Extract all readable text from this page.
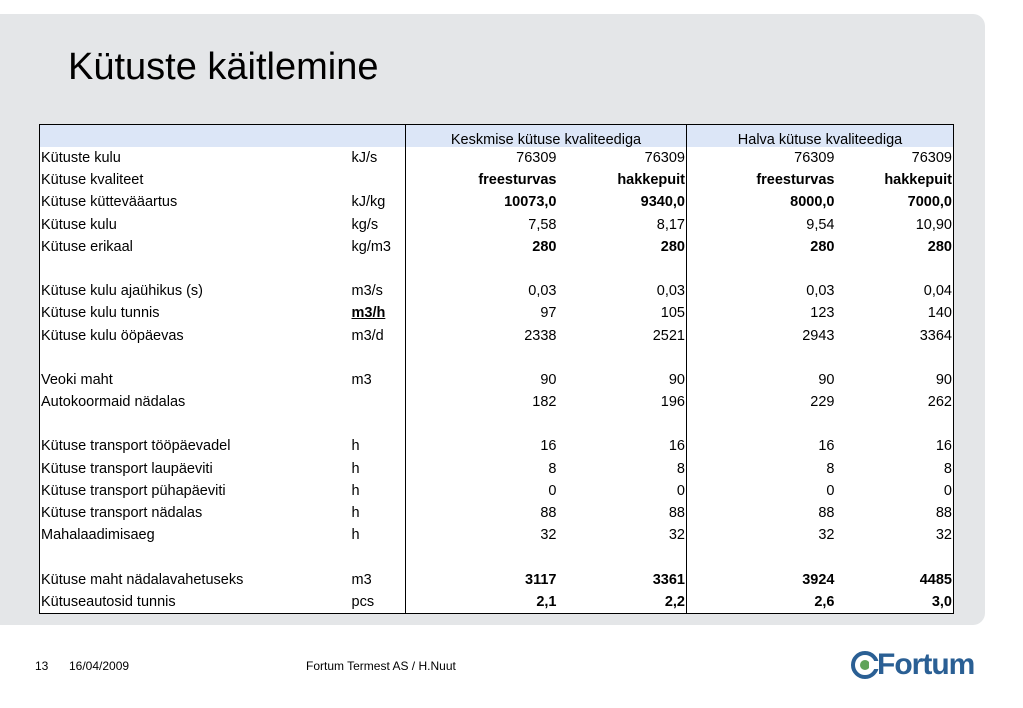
Kütuste käitlemine
		Keskmise kütuse kvaliteediga		Halva kütuse kvaliteediga	
Kütuste kulu	kJ/s	76309	76309	76309	76309
Kütuse kvaliteet		freesturvas	hakkepuit	freesturvas	hakkepuit
Kütuse küttevääartus	kJ/kg	10073,0	9340,0	8000,0	7000,0
Kütuse kulu	kg/s	7,58	8,17	9,54	10,90
Kütuse erikaal	kg/m3	280	280	280	280

Kütuse kulu ajaühikus (s)	m3/s	0,03	0,03	0,03	0,04
Kütuse kulu tunnis	m3/h	97	105	123	140
Kütuse kulu ööpäevas	m3/d	2338	2521	2943	3364

Veoki maht	m3	90	90	90	90
Autokoormaid nädalas		182	196	229	262

Kütuse transport tööpäevadel	h	16	16	16	16
Kütuse transport laupäeviti	h	8	8	8	8
Kütuse transport pühapäeviti	h	0	0	0	0
Kütuse transport nädalas	h	88	88	88	88
Mahalaadimisaeg	h	32	32	32	32

Kütuse maht nädalavahetuseks	m3	3117	3361	3924	4485
Kütuseautosid tunnis	pcs	2,1	2,2	2,6	3,0
13 16/04/2009	Fortum Termest AS / H.Nuut	Fortum
